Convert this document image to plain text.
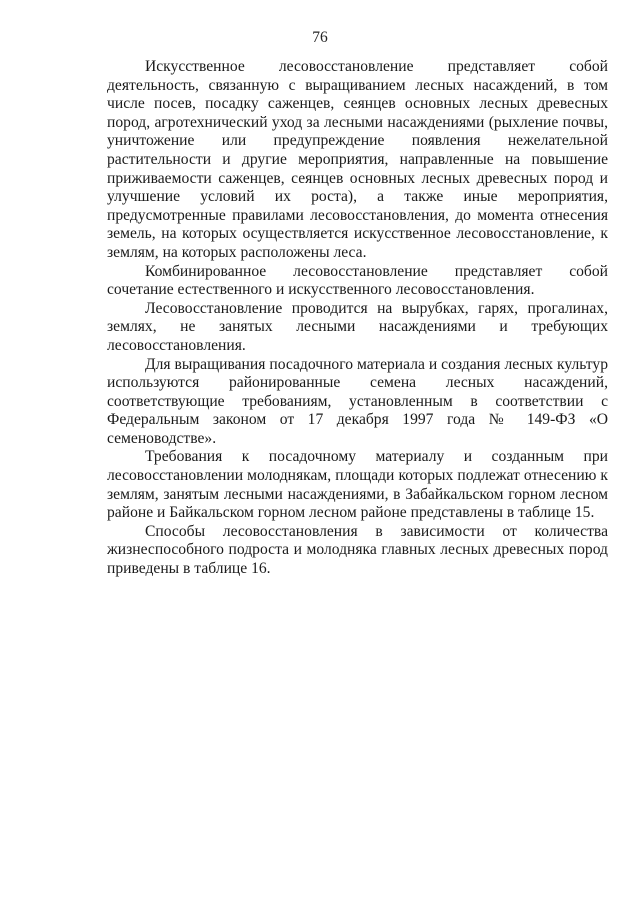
76

Искусственное лесовосстановление представляет собой деятельность, связанную с выращиванием лесных насаждений, в том числе посев, посадку саженцев, сеянцев основных лесных древесных пород, агротехнический уход за лесными насаждениями (рыхление почвы, уничтожение или предупреждение появления нежелательной растительности и другие мероприятия, направленные на повышение приживаемости саженцев, сеянцев основных лесных древесных пород и улучшение условий их роста), а также иные мероприятия, предусмотренные правилами лесовосстановления, до момента отнесения земель, на которых осуществляется искусственное лесовосстановление, к землям, на которых расположены леса.

Комбинированное лесовосстановление представляет собой сочетание естественного и искусственного лесовосстановления.

Лесовосстановление проводится на вырубках, гарях, прогалинах, землях, не занятых лесными насаждениями и требующих лесовосстановления.

Для выращивания посадочного материала и создания лесных культур используются районированные семена лесных насаждений, соответствующие требованиям, установленным в соответствии с Федеральным законом от 17 декабря 1997 года № 149-ФЗ «О семеноводстве».

Требования к посадочному материалу и созданным при лесовосстановлении молоднякам, площади которых подлежат отнесению к землям, занятым лесными насаждениями, в Забайкальском горном лесном районе и Байкальском горном лесном районе представлены в таблице 15.

Способы лесовосстановления в зависимости от количества жизнеспособного подроста и молодняка главных лесных древесных пород приведены в таблице 16.
